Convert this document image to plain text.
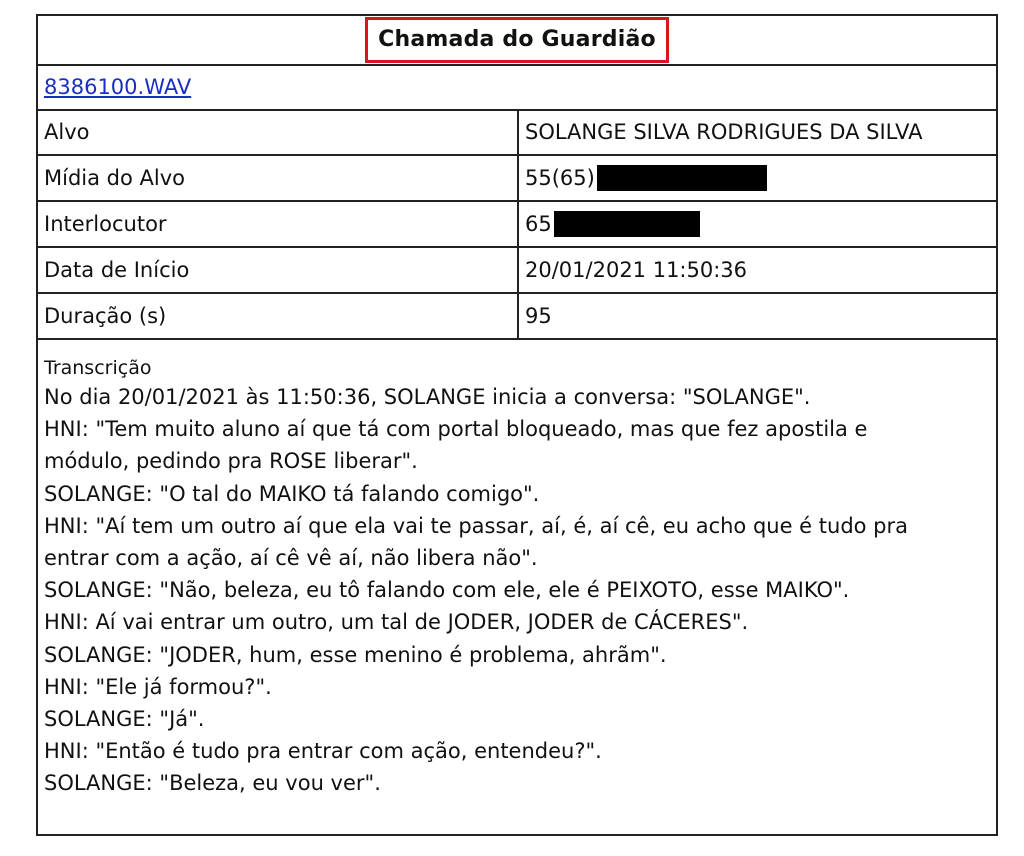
Chamada do Guardião
8386100.WAV
Alvo	SOLANGE SILVA RODRIGUES DA SILVA
Mídia do Alvo	55(65)

Interlocutor	65

Data de Início	20/01/2021 11:50:36
Duração (s)	95

Transcrição

No dia 20/01/2021 às 11:50:36, SOLANGE inicia a conversa: "SOLANGE".

HNI: "Tem muito aluno aí que tá com portal bloqueado, mas que fez apostila e

módulo, pedindo pra ROSE liberar".

SOLANGE: "O tal do MAIKO tá falando comigo".

HNI: "Aí tem um outro aí que ela vai te passar, aí, é, aí cê, eu acho que é tudo pra

entrar com a ação, aí cê vê aí, não libera não".

SOLANGE: "Não, beleza, eu tô falando com ele, ele é PEIXOTO, esse MAIKO".

HNI: Aí vai entrar um outro, um tal de JODER, JODER de CÁCERES".

SOLANGE: "JODER, hum, esse menino é problema, ahrãm".

HNI: "Ele já formou?".

SOLANGE: "Já".

HNI: "Então é tudo pra entrar com ação, entendeu?".

SOLANGE: "Beleza, eu vou ver".
